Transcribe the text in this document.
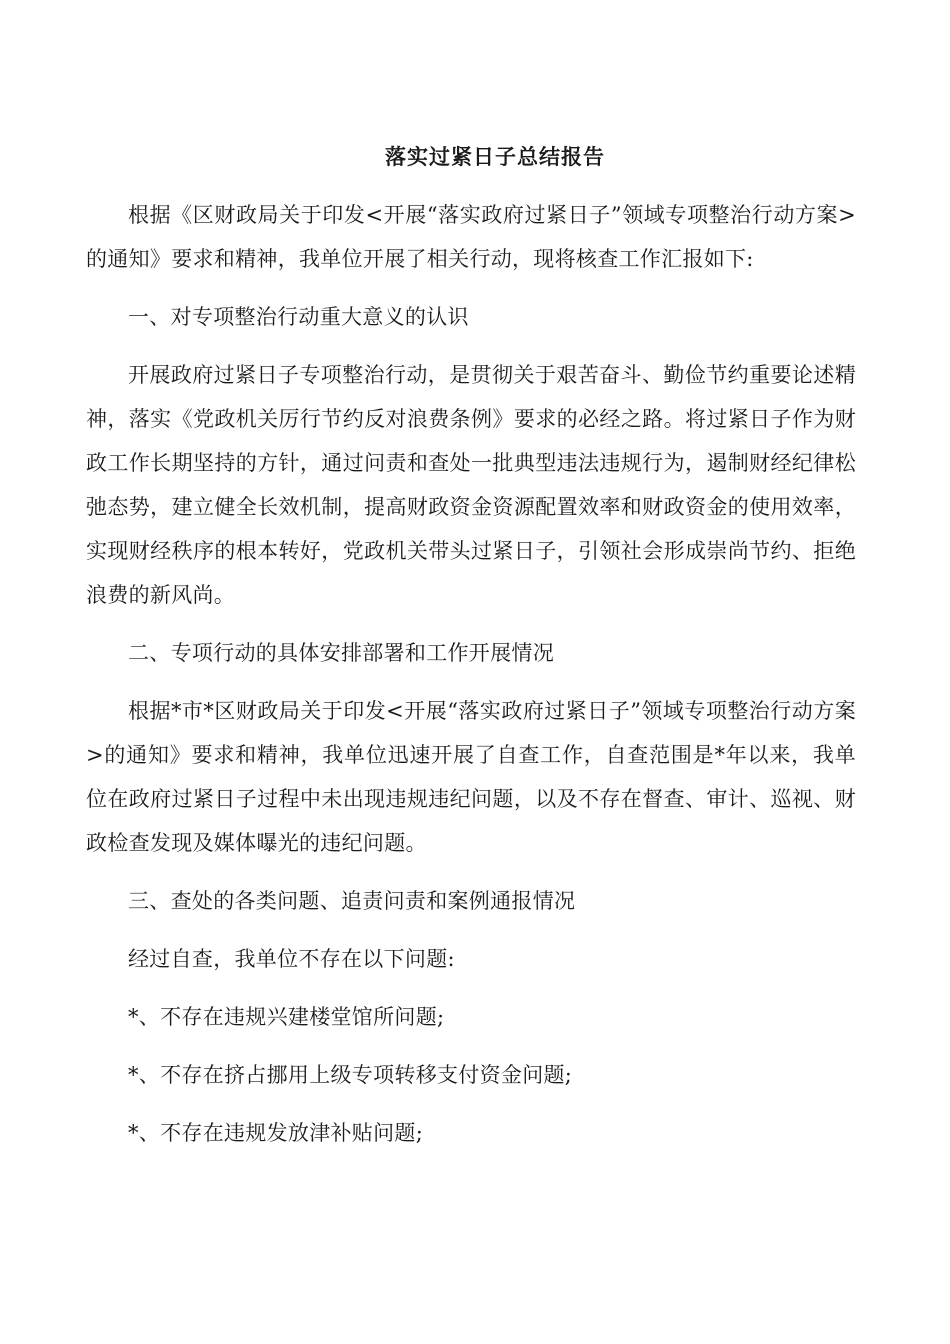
落实过紧日子总结报告

根据《区财政局关于印发<开展“落实政府过紧日子”领域专项整治行动方案>的通知》要求和精神，我单位开展了相关行动，现将核查工作汇报如下:

一、对专项整治行动重大意义的认识

开展政府过紧日子专项整治行动，是贯彻关于艰苦奋斗、勤俭节约重要论述精神，落实《党政机关厉行节约反对浪费条例》要求的必经之路。将过紧日子作为财政工作长期坚持的方针，通过问责和查处一批典型违法违规行为，遏制财经纪律松弛态势，建立健全长效机制，提高财政资金资源配置效率和财政资金的使用效率，实现财经秩序的根本转好，党政机关带头过紧日子，引领社会形成崇尚节约、拒绝浪费的新风尚。

二、专项行动的具体安排部署和工作开展情况

根据*市*区财政局关于印发<开展“落实政府过紧日子”领域专项整治行动方案>的通知》要求和精神，我单位迅速开展了自查工作，自查范围是*年以来，我单位在政府过紧日子过程中未出现违规违纪问题，以及不存在督查、审计、巡视、财政检查发现及媒体曝光的违纪问题。

三、查处的各类问题、追责问责和案例通报情况

经过自查，我单位不存在以下问题:

*、不存在违规兴建楼堂馆所问题;

*、不存在挤占挪用上级专项转移支付资金问题;

*、不存在违规发放津补贴问题;
